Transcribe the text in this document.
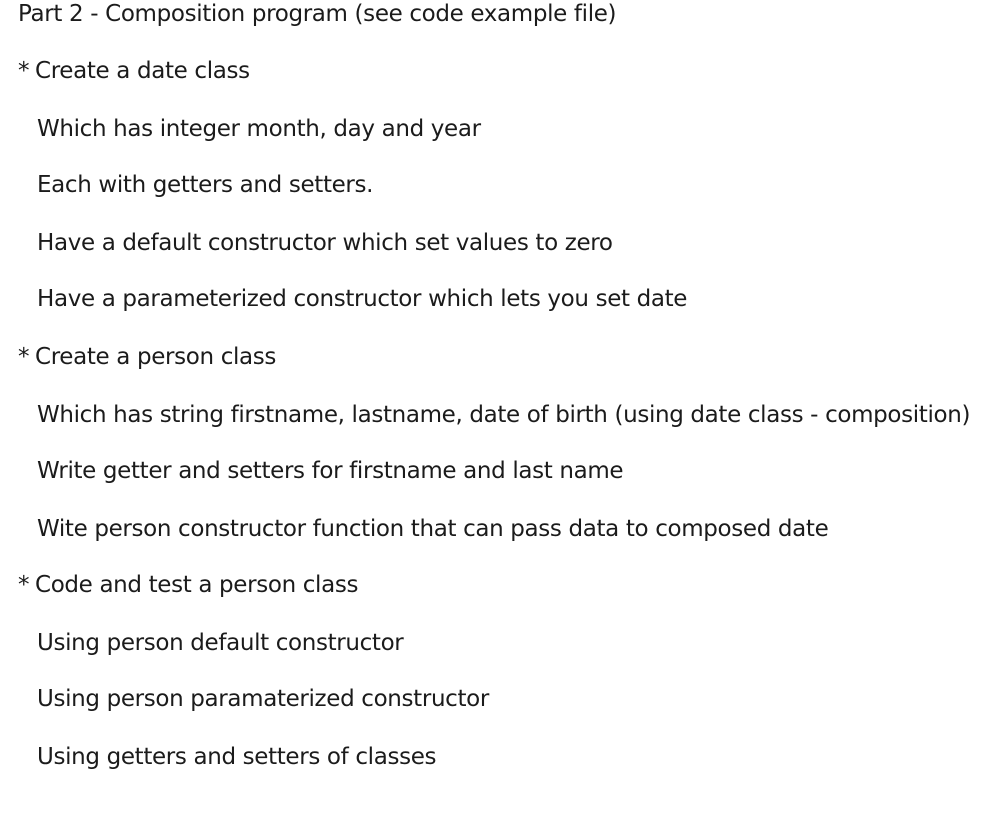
Part 2 - Composition program (see code example file)
* Create a date class
Which has integer month, day and year
Each with getters and setters.
Have a default constructor which set values to zero
Have a parameterized constructor which lets you set date
* Create a person class
Which has string firstname, lastname, date of birth (using date class - composition)
Write getter and setters for firstname and last name
Wite person constructor function that can pass data to composed date
* Code and test a person class
Using person default constructor
Using person paramaterized constructor
Using getters and setters of classes
